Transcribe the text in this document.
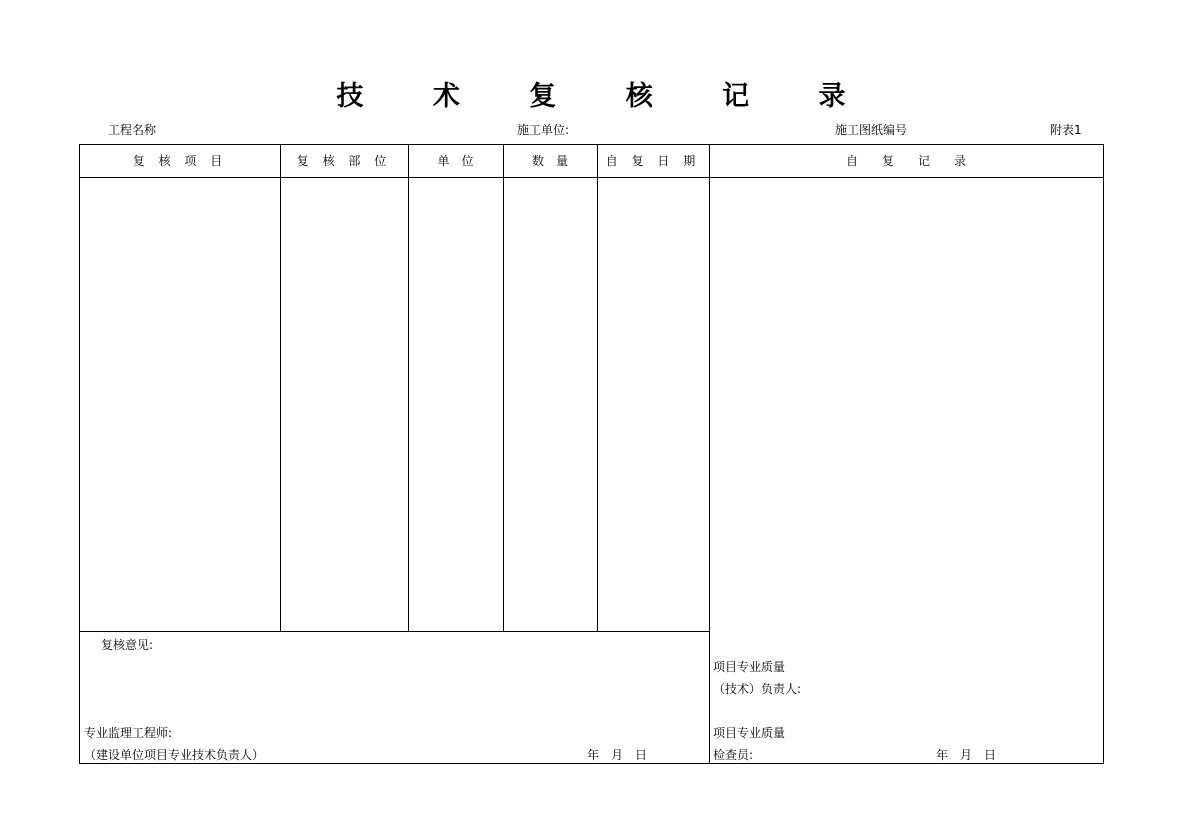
技 术 复 核 记 录
工程名称	施工单位:	施工图纸编号	附表1
复 核 项 目	复 核 部 位	单　位	数　量	自 复 日 期	自　　复　　记　　录
复核意见:
专业监理工程师:
（建设单位项目专业技术负责人）	年　月　日
项目专业质量
（技术）负责人:
项目专业质量
检查员:	年　月　日
